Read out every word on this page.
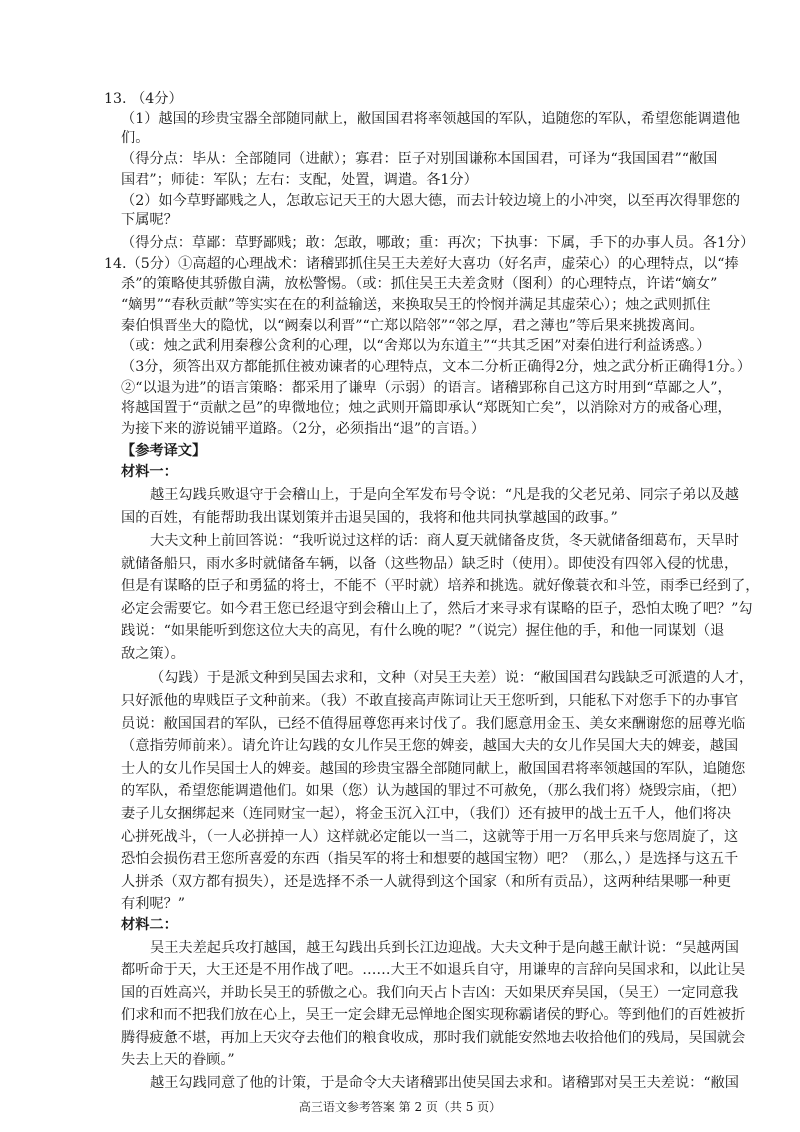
13. （4分）
（1）越国的珍贵宝器全部随同献上，敝国国君将率领越国的军队，追随您的军队，希望您能调遣他
们。
（得分点：毕从：全部随同（进献）；寡君：臣子对别国谦称本国国君，可译为“我国国君”“敝国
国君”；师徒：军队；左右：支配，处置，调遣。各1分）
（2）如今草野鄙贱之人，怎敢忘记天王的大恩大德，而去计较边境上的小冲突，以至再次得罪您的
下属呢？
（得分点：草鄙：草野鄙贱；敢：怎敢，哪敢；重：再次；下执事：下属，手下的办事人员。各1分）
14.（5分）①高超的心理战术：诸稽郢抓住吴王夫差好大喜功（好名声，虚荣心）的心理特点，以“捧
杀”的策略使其骄傲自满，放松警惕。（或：抓住吴王夫差贪财（图利）的心理特点，许诺“嫡女”
“嫡男”“春秋贡献”等实实在在的利益输送，来换取吴王的怜悯并满足其虚荣心）；烛之武则抓住
秦伯惧晋坐大的隐忧，以“阙秦以利晋”“亡郑以陪邻”“邻之厚，君之薄也”等后果来挑拨离间。
（或：烛之武利用秦穆公贪利的心理，以“舍郑以为东道主”“共其乏困”对秦伯进行利益诱惑。）
（3分，须答出双方都能抓住被劝谏者的心理特点，文本二分析正确得2分，烛之武分析正确得1分。）
②“以退为进”的语言策略：都采用了谦卑（示弱）的语言。诸稽郢称自己这方时用到“草鄙之人”，
将越国置于“贡献之邑”的卑微地位；烛之武则开篇即承认“郑既知亡矣”，以消除对方的戒备心理，
为接下来的游说铺平道路。（2分，必须指出“退”的言语。）
【参考译文】
材料一：
越王勾践兵败退守于会稽山上，于是向全军发布号令说：“凡是我的父老兄弟、同宗子弟以及越
国的百姓，有能帮助我出谋划策并击退吴国的，我将和他共同执掌越国的政事。”
大夫文种上前回答说：“我听说过这样的话：商人夏天就储备皮货，冬天就储备细葛布，天旱时
就储备船只，雨水多时就储备车辆，以备（这些物品）缺乏时（使用）。即使没有四邻入侵的忧患，
但是有谋略的臣子和勇猛的将士，不能不（平时就）培养和挑选。就好像蓑衣和斗笠，雨季已经到了，
必定会需要它。如今君王您已经退守到会稽山上了，然后才来寻求有谋略的臣子，恐怕太晚了吧？”勾
践说：“如果能听到您这位大夫的高见，有什么晚的呢？”（说完）握住他的手，和他一同谋划（退
敌之策）。
（勾践）于是派文种到吴国去求和，文种（对吴王夫差）说：“敝国国君勾践缺乏可派遣的人才，
只好派他的卑贱臣子文种前来。（我）不敢直接高声陈词让天王您听到，只能私下对您手下的办事官
员说：敝国国君的军队，已经不值得屈尊您再来讨伐了。我们愿意用金玉、美女来酬谢您的屈尊光临
（意指劳师前来）。请允许让勾践的女儿作吴王您的婢妾，越国大夫的女儿作吴国大夫的婢妾，越国
士人的女儿作吴国士人的婢妾。越国的珍贵宝器全部随同献上，敝国国君将率领越国的军队，追随您
的军队，希望您能调遣他们。如果（您）认为越国的罪过不可赦免，（那么我们将）烧毁宗庙，（把）
妻子儿女捆绑起来（连同财宝一起），将金玉沉入江中，（我们）还有披甲的战士五千人，他们将决
心拼死战斗，（一人必拼掉一人）这样就必定能以一当二，这就等于用一万名甲兵来与您周旋了，这
恐怕会损伤君王您所喜爱的东西（指吴军的将士和想要的越国宝物）吧？（那么，）是选择与这五千
人拼杀（双方都有损失），还是选择不杀一人就得到这个国家（和所有贡品），这两种结果哪一种更
有利呢？”
材料二：
吴王夫差起兵攻打越国，越王勾践出兵到长江边迎战。大夫文种于是向越王献计说：“吴越两国
都听命于天，大王还是不用作战了吧。……大王不如退兵自守，用谦卑的言辞向吴国求和，以此让吴
国的百姓高兴，并助长吴王的骄傲之心。我们向天占卜吉凶：天如果厌弃吴国，（吴王）一定同意我
们求和而不把我们放在心上，吴王一定会肆无忌惮地企图实现称霸诸侯的野心。等到他们的百姓被折
腾得疲惫不堪，再加上天灾夺去他们的粮食收成，那时我们就能安然地去收拾他们的残局，吴国就会
失去上天的眷顾。”
越王勾践同意了他的计策，于是命令大夫诸稽郢出使吴国去求和。诸稽郢对吴王夫差说：“敝国
高三语文参考答案 第 2 页（共 5 页）
